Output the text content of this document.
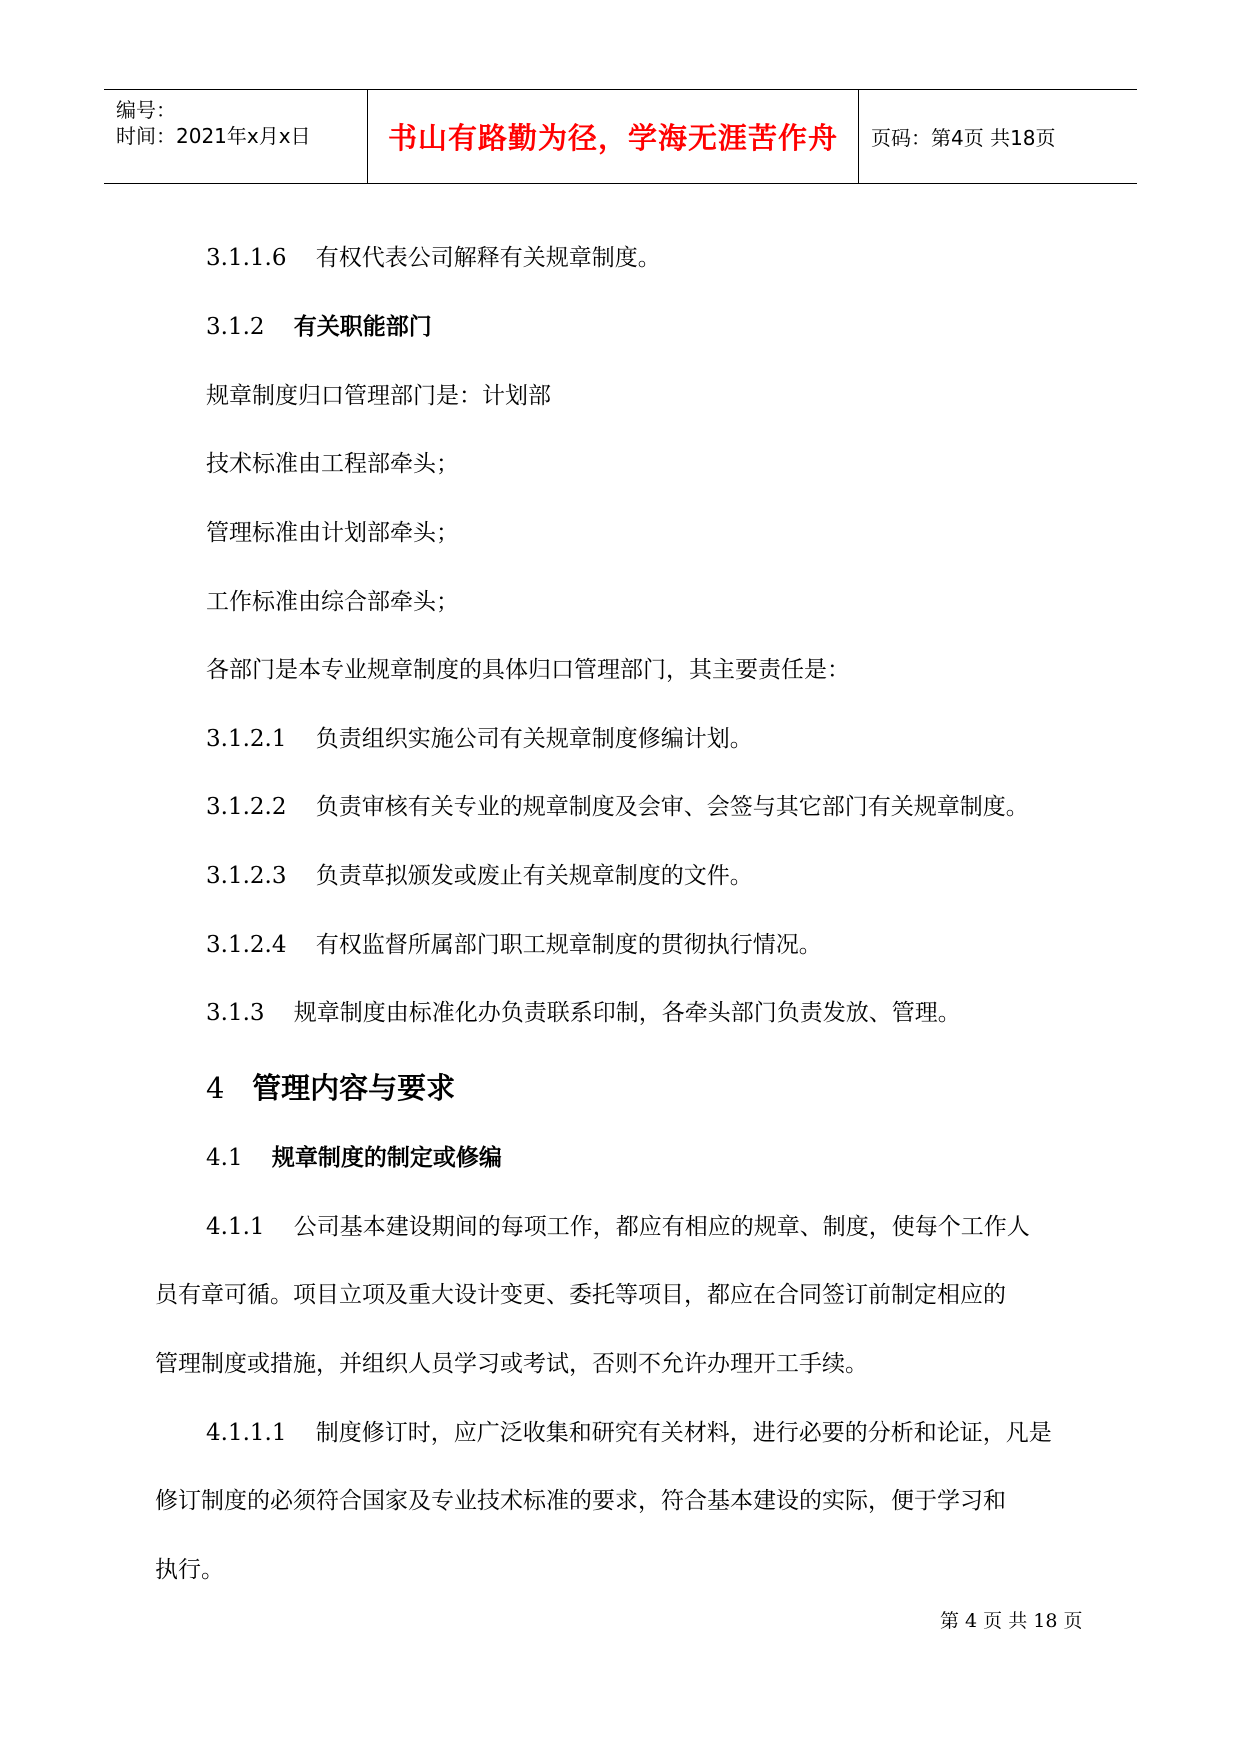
编号：
时间：2021年x月x日	书山有路勤为径，学海无涯苦作舟	页码：第4页 共18页
3.1.1.6 有权代表公司解释有关规章制度。
3.1.2 有关职能部门
规章制度归口管理部门是：计划部
技术标准由工程部牵头；
管理标准由计划部牵头；
工作标准由综合部牵头；
各部门是本专业规章制度的具体归口管理部门，其主要责任是：
3.1.2.1 负责组织实施公司有关规章制度修编计划。
3.1.2.2 负责审核有关专业的规章制度及会审、会签与其它部门有关规章制度。
3.1.2.3 负责草拟颁发或废止有关规章制度的文件。
3.1.2.4 有权监督所属部门职工规章制度的贯彻执行情况。
3.1.3 规章制度由标准化办负责联系印制，各牵头部门负责发放、管理。
4 管理内容与要求
4.1 规章制度的制定或修编
4.1.1 公司基本建设期间的每项工作，都应有相应的规章、制度，使每个工作人
员有章可循。项目立项及重大设计变更、委托等项目，都应在合同签订前制定相应的
管理制度或措施，并组织人员学习或考试，否则不允许办理开工手续。
4.1.1.1 制度修订时，应广泛收集和研究有关材料，进行必要的分析和论证，凡是
修订制度的必须符合国家及专业技术标准的要求，符合基本建设的实际，便于学习和
执行。
第 4 页 共 18 页
